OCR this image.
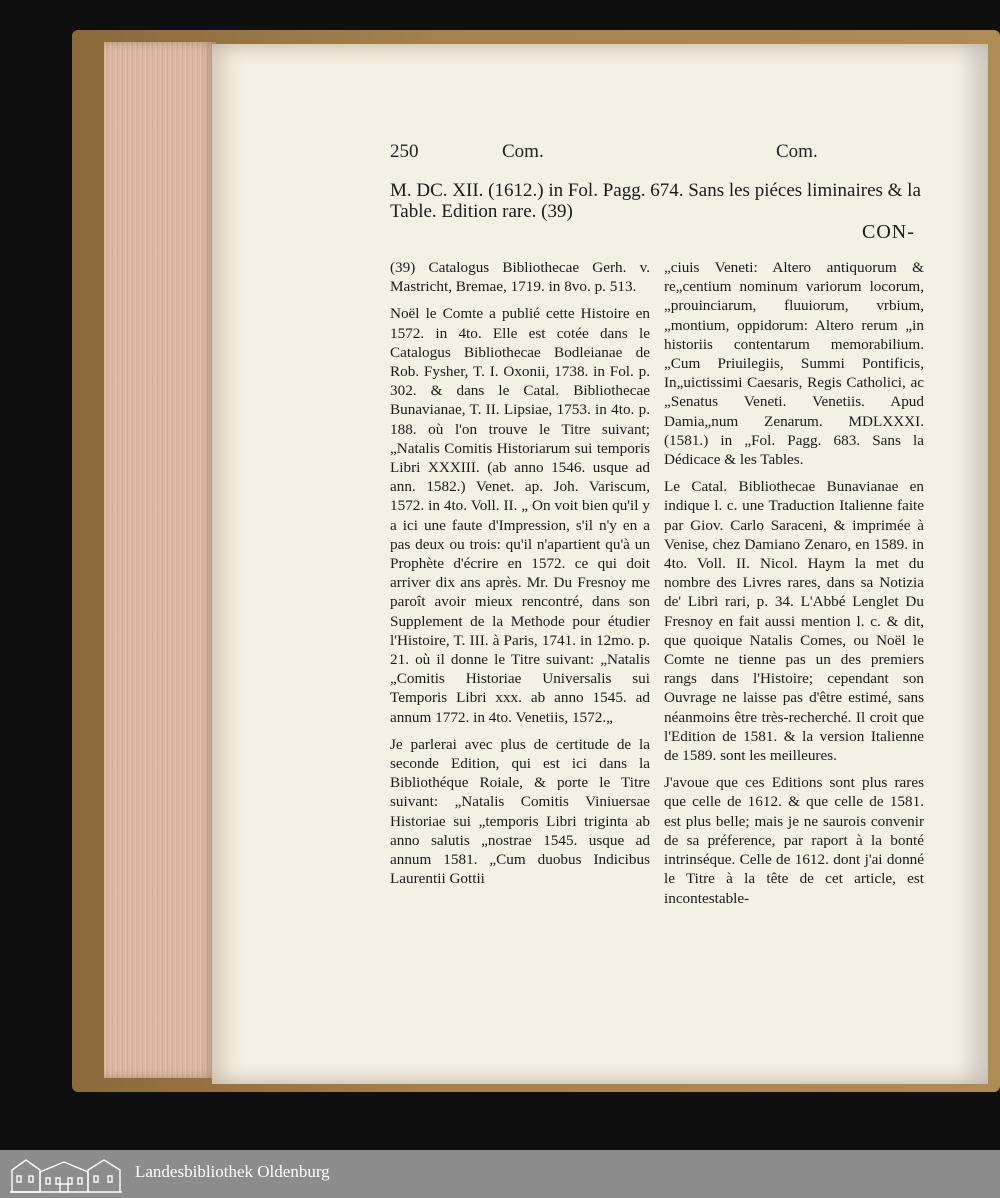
250	Com.	Com.
M. DC. XII. (1612.) in Fol. Pagg. 674. Sans les piéces liminaires & la Table. Edition rare. (39)
CON-

(39) Catalogus Bibliothecae Gerh. v. Mastricht, Bremae, 1719. in 8vo. p. 513.

Noël le Comte a publié cette Histoire en 1572. in 4to. Elle est cotée dans le Catalogus Bibliothecae Bodleianae de Rob. Fysher, T. I. Oxonii, 1738. in Fol. p. 302. & dans le Catal. Bibliothecae Bunavianae, T. II. Lipsiae, 1753. in 4to. p. 188. où l'on trouve le Titre suivant; „Natalis Comitis Historiarum sui temporis Libri XXXIII. (ab anno 1546. usque ad ann. 1582.) Venet. ap. Joh. Variscum, 1572. in 4to. Voll. II. „ On voit bien qu'il y a ici une faute d'Impression, s'il n'y en a pas deux ou trois: qu'il n'apartient qu'à un Prophète d'écrire en 1572. ce qui doit arriver dix ans après. Mr. Du Fresnoy me paroît avoir mieux rencontré, dans son Supplement de la Methode pour étudier l'Histoire, T. III. à Paris, 1741. in 12mo. p. 21. où il donne le Titre suivant: „Natalis „Comitis Historiae Universalis sui Temporis Libri xxx. ab anno 1545. ad annum 1772. in 4to. Venetiis, 1572.„

Je parlerai avec plus de certitude de la seconde Edition, qui est ici dans la Bibliothéque Roiale, & porte le Titre suivant: „Natalis Comitis Viniuersae Historiae sui „temporis Libri triginta ab anno salutis „nostrae 1545. usque ad annum 1581. „Cum duobus Indicibus Laurentii Gottii

„ciuis Veneti: Altero antiquorum & re„centium nominum variorum locorum, „prouinciarum, fluuiorum, vrbium, „montium, oppidorum: Altero rerum „in historiis contentarum memorabilium. „Cum Priuilegiis, Summi Pontificis, In„uictissimi Caesaris, Regis Catholici, ac „Senatus Veneti. Venetiis. Apud Damia„num Zenarum. MDLXXXI. (1581.) in „Fol. Pagg. 683. Sans la Dédicace & les Tables.

Le Catal. Bibliothecae Bunavianae en indique l. c. une Traduction Italienne faite par Giov. Carlo Saraceni, & imprimée à Venise, chez Damiano Zenaro, en 1589. in 4to. Voll. II. Nicol. Haym la met du nombre des Livres rares, dans sa Notizia de' Libri rari, p. 34. L'Abbé Lenglet Du Fresnoy en fait aussi mention l. c. & dit, que quoique Natalis Comes, ou Noël le Comte ne tienne pas un des premiers rangs dans l'Histoire; cependant son Ouvrage ne laisse pas d'être estimé, sans néanmoins être très-recherché. Il croit que l'Edition de 1581. & la version Italienne de 1589. sont les meilleures.

J'avoue que ces Editions sont plus rares que celle de 1612. & que celle de 1581. est plus belle; mais je ne saurois convenir de sa préference, par raport à la bonté intrinséque. Celle de 1612. dont j'ai donné le Titre à la tête de cet article, est incontestable-

Landesbibliothek Oldenburg
